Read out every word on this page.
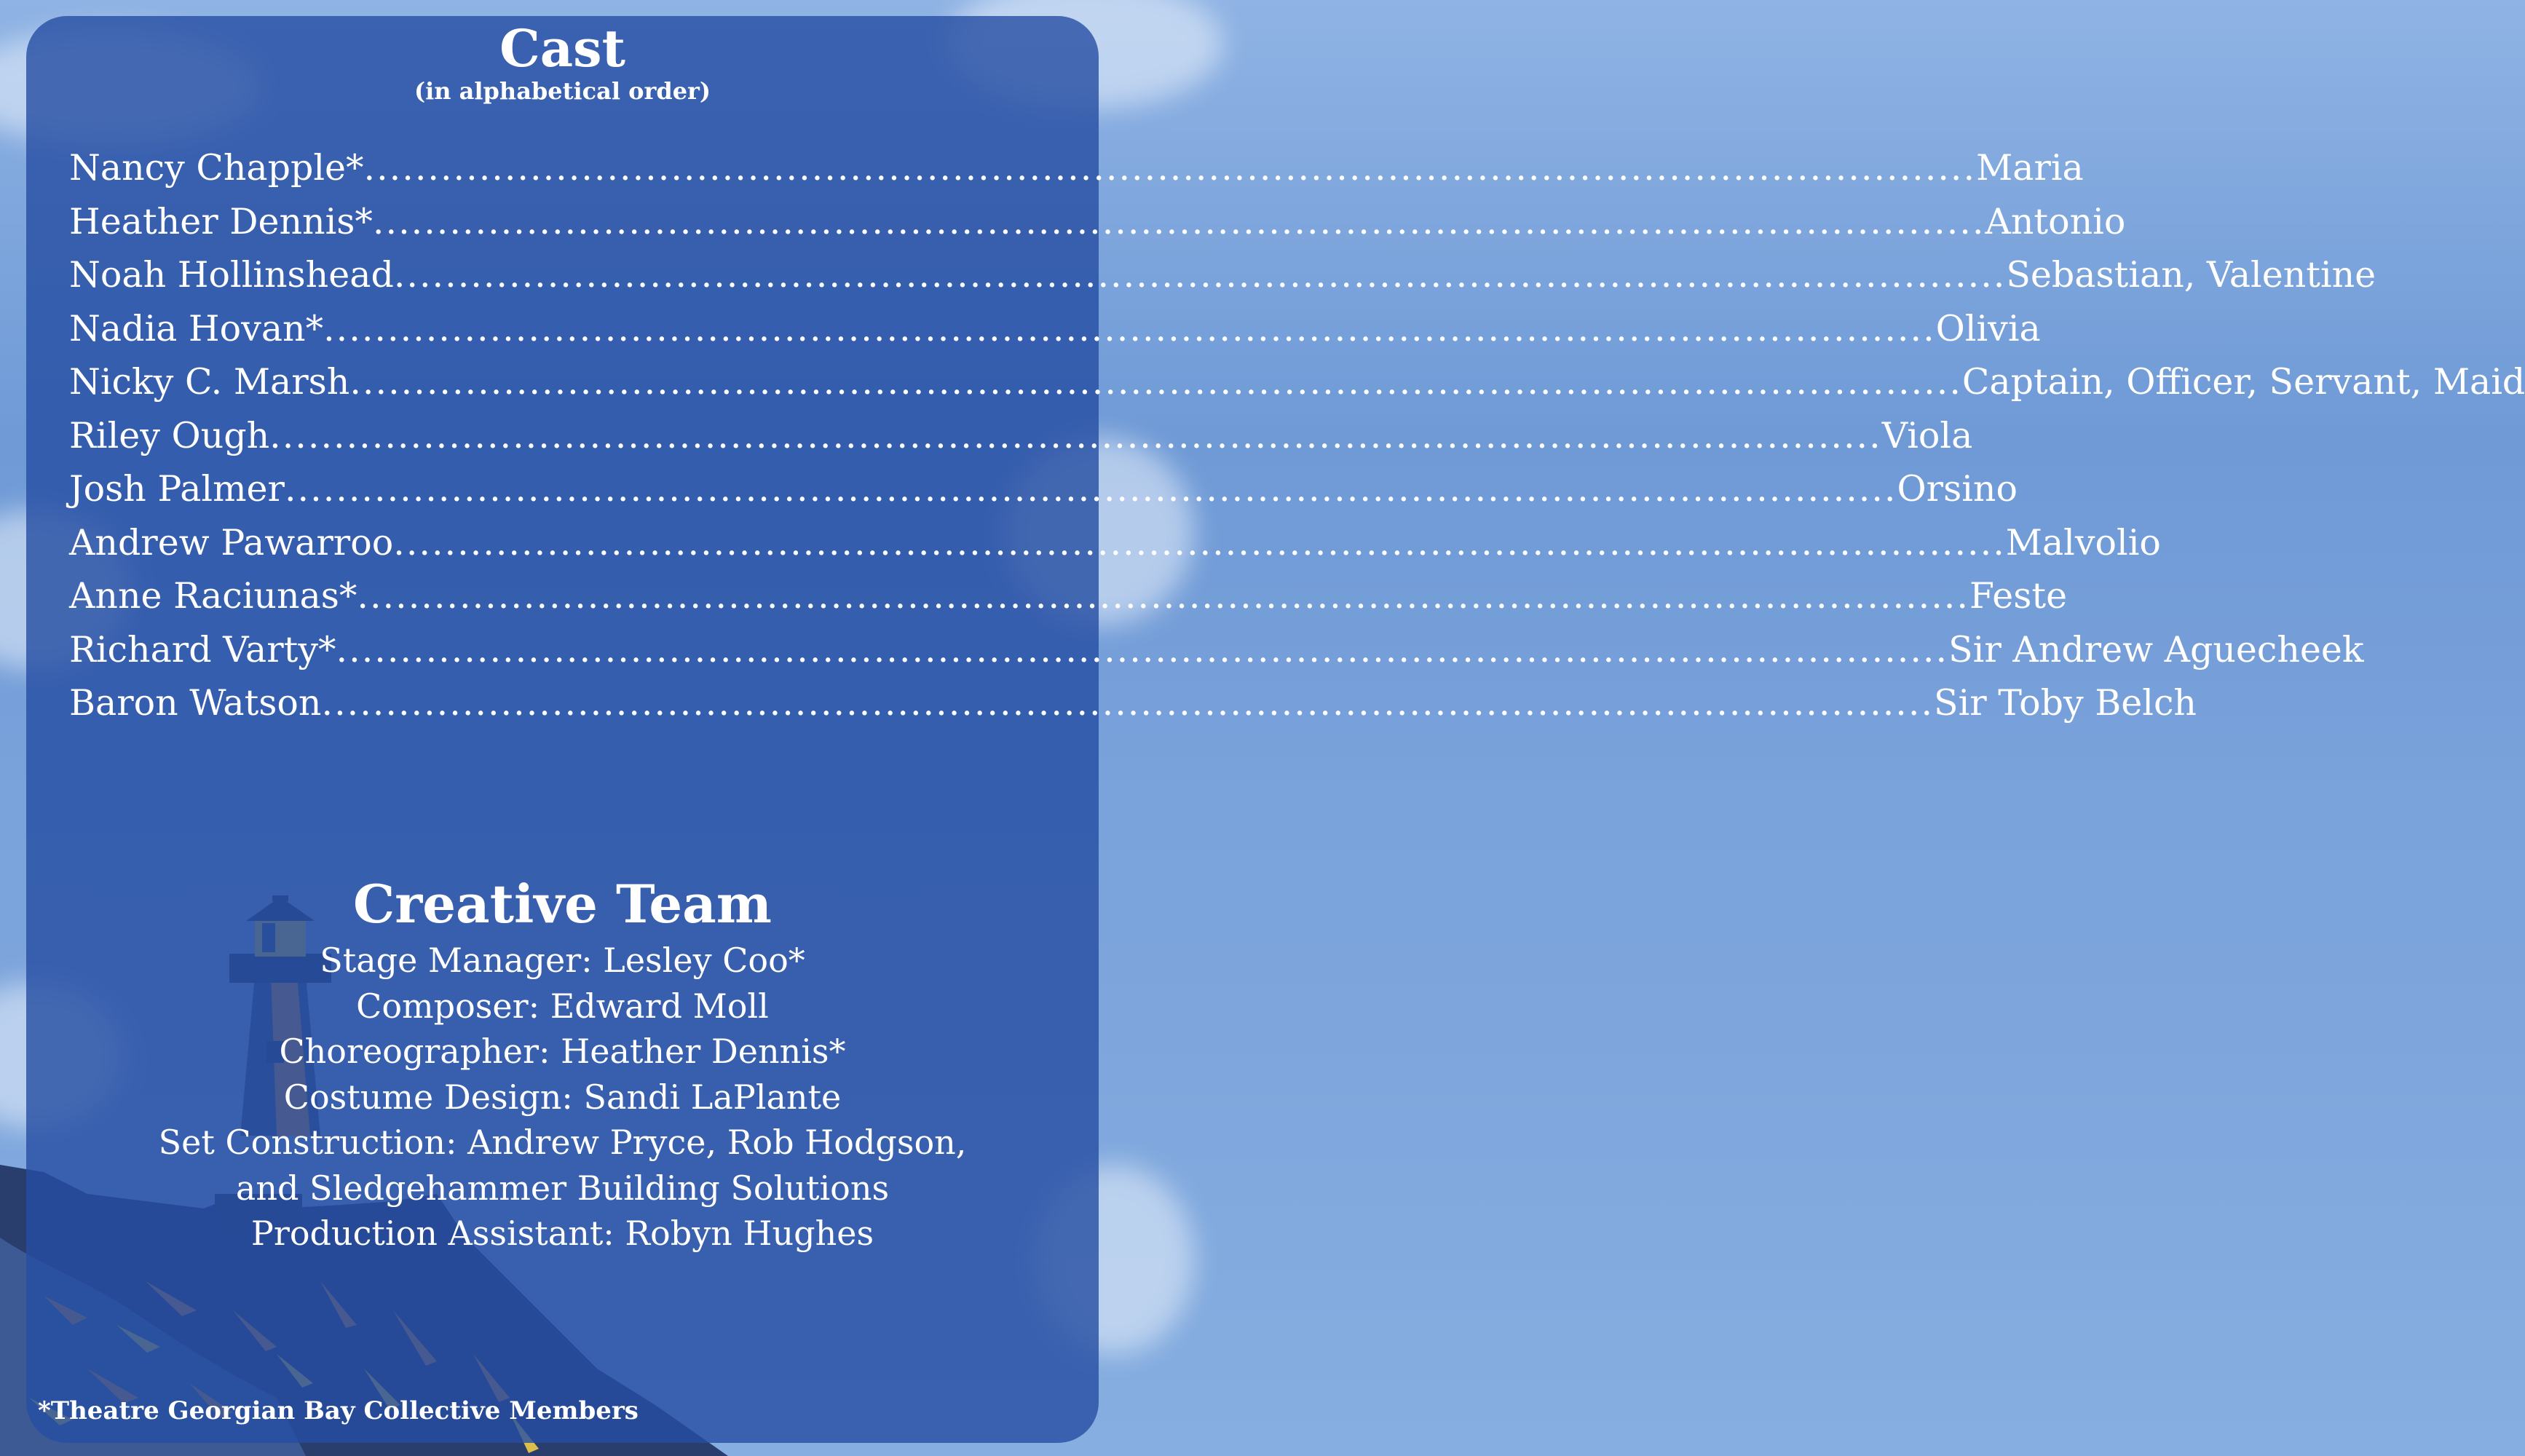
Cast
(in alphabetical order)
Nancy Chapple* .............................................................................................................................. Maria
Heather Dennis* .............................................................................................................................. Antonio
Noah Hollinshead .............................................................................................................................. Sebastian, Valentine
Nadia Hovan* .............................................................................................................................. Olivia
Nicky C. Marsh .............................................................................................................................. Captain, Officer, Servant, Maid
Riley Ough .............................................................................................................................. Viola
Josh Palmer .............................................................................................................................. Orsino
Andrew Pawarroo .............................................................................................................................. Malvolio
Anne Raciunas* .............................................................................................................................. Feste
Richard Varty* .............................................................................................................................. Sir Andrew Aguecheek
Baron Watson .............................................................................................................................. Sir Toby Belch
Creative Team
Stage Manager: Lesley Coo*
Composer: Edward Moll
Choreographer: Heather Dennis*
Costume Design: Sandi LaPlante
Set Construction: Andrew Pryce, Rob Hodgson,
and Sledgehammer Building Solutions
Production Assistant: Robyn Hughes
*Theatre Georgian Bay Collective Members
